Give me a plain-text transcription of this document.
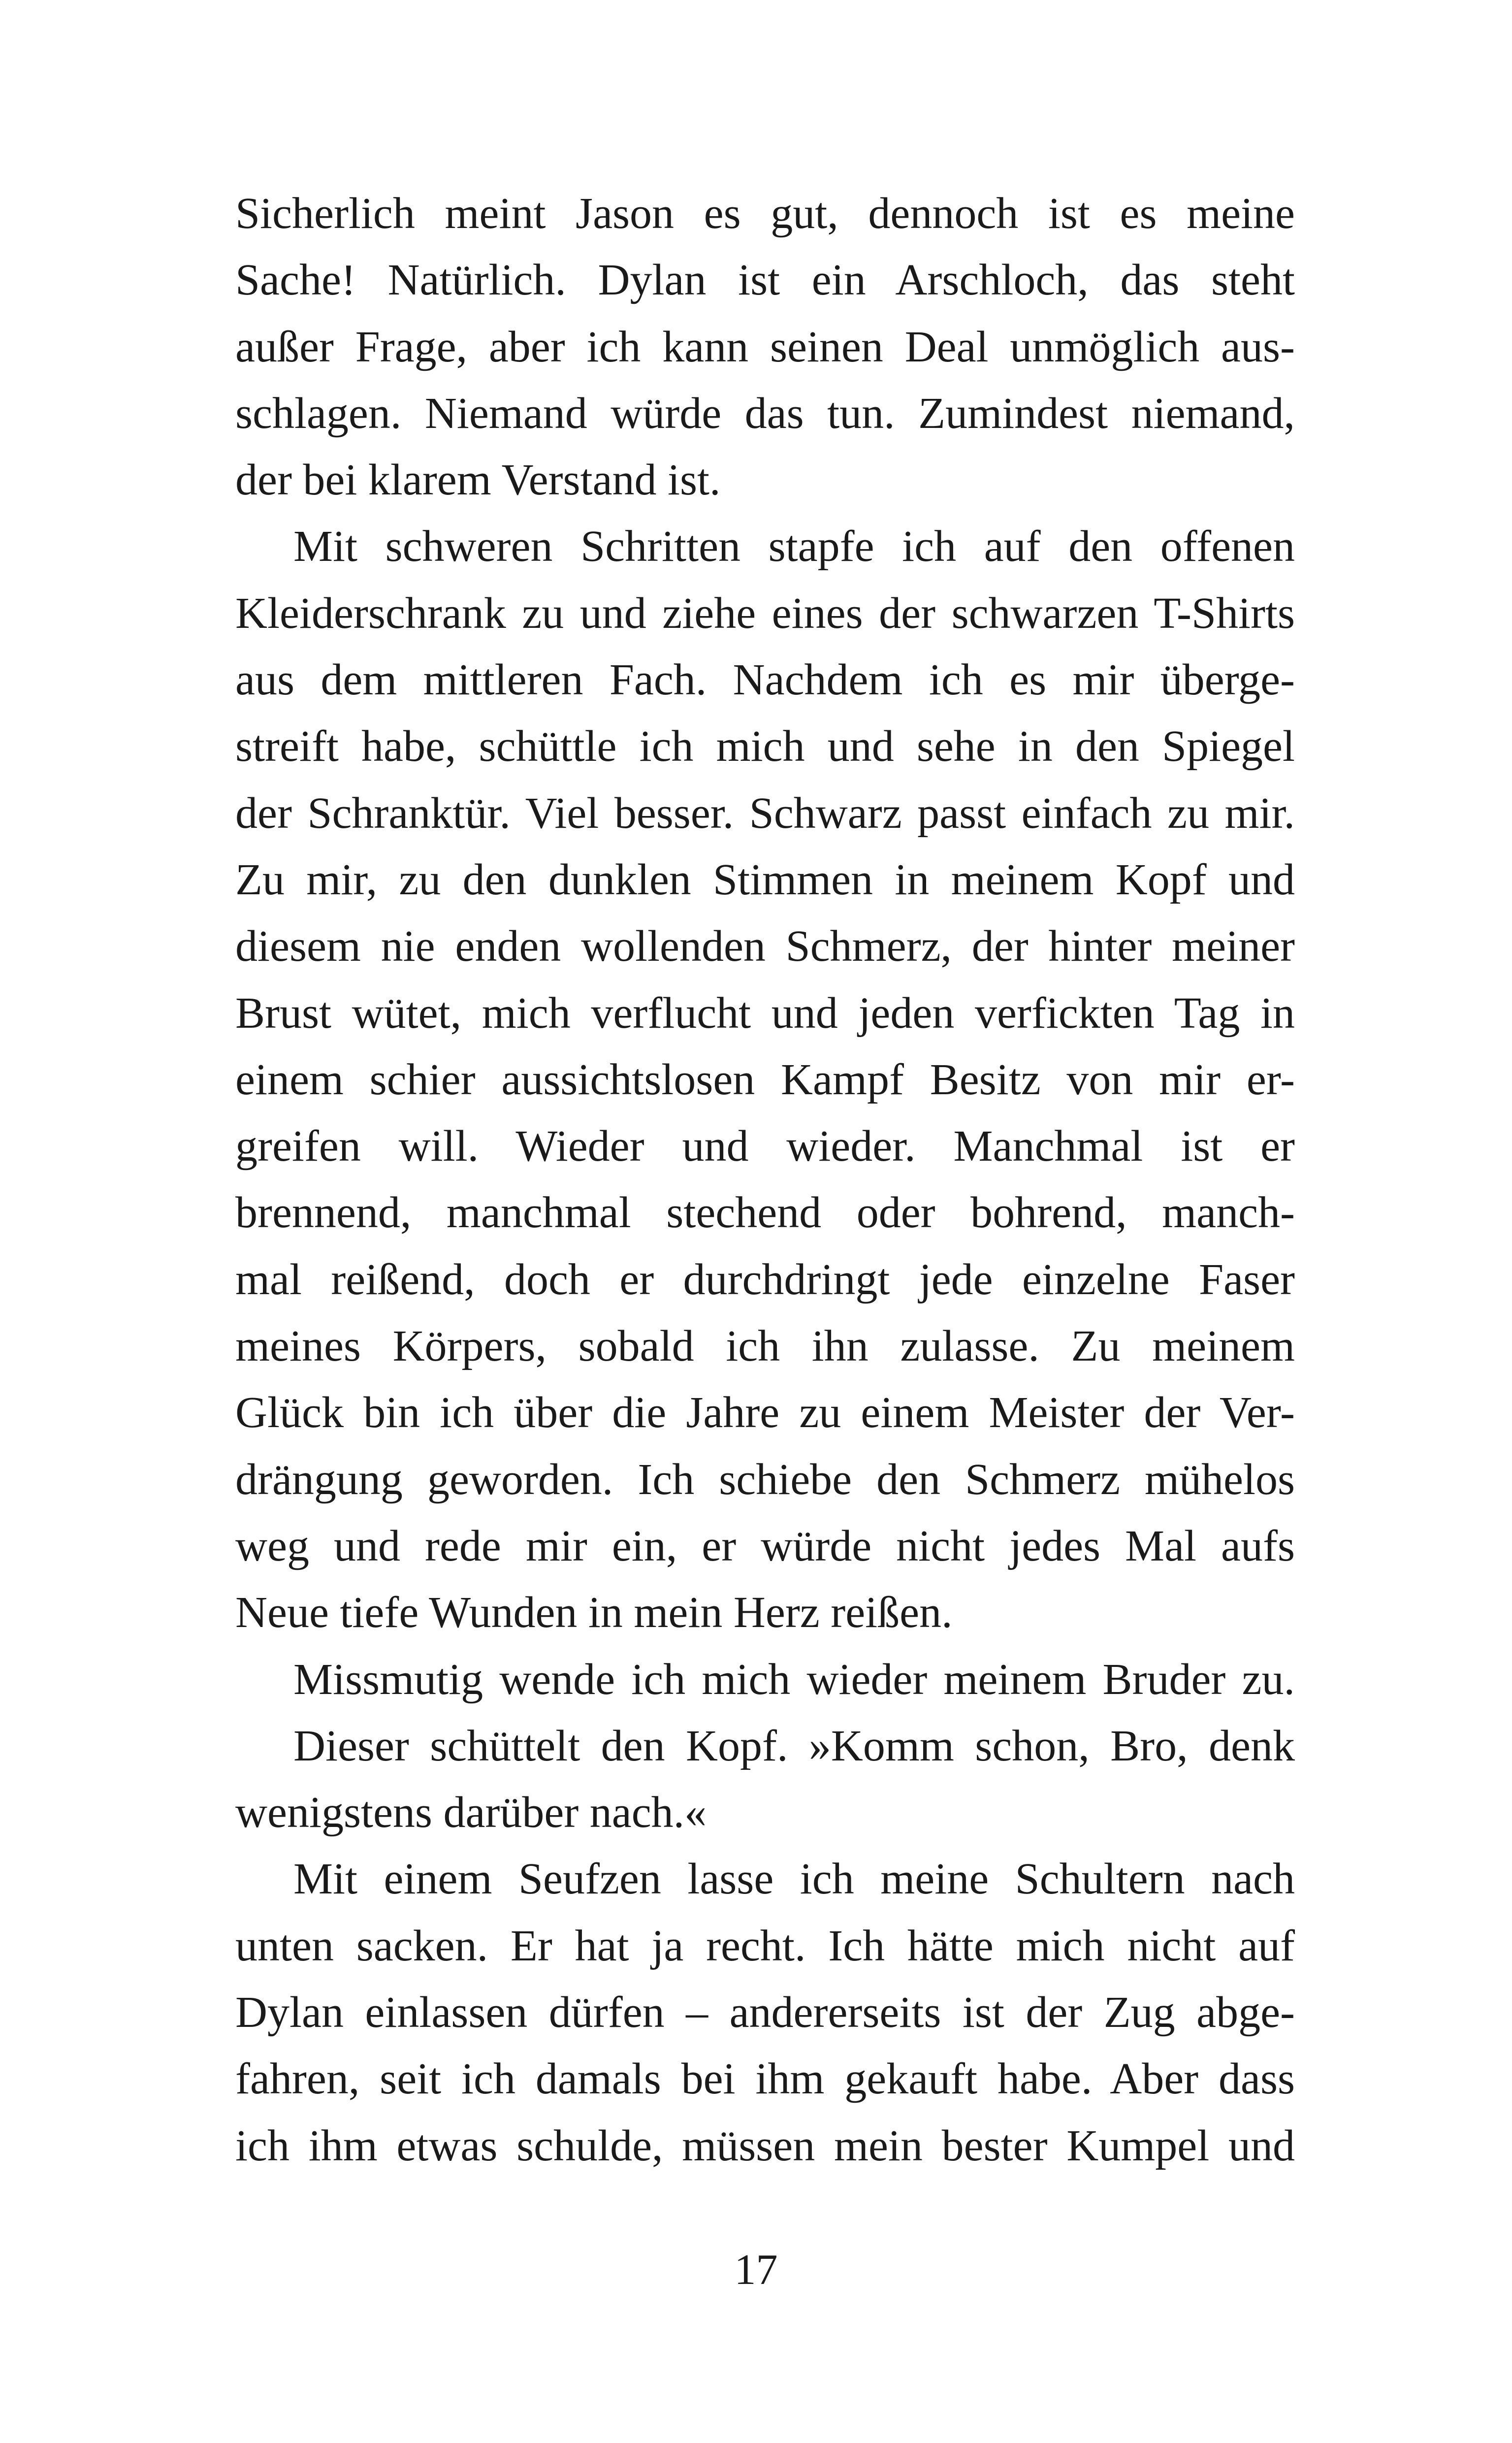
Sicherlich meint Jason es gut, dennoch ist es meine
Sache! Natürlich. Dylan ist ein Arschloch, das steht
außer Frage, aber ich kann seinen Deal unmöglich aus-
schlagen. Niemand würde das tun. Zumindest niemand,
der bei klarem Verstand ist.
Mit schweren Schritten stapfe ich auf den offenen
Kleiderschrank zu und ziehe eines der schwarzen T-Shirts
aus dem mittleren Fach. Nachdem ich es mir überge-
streift habe, schüttle ich mich und sehe in den Spiegel
der Schranktür. Viel besser. Schwarz passt einfach zu mir.
Zu mir, zu den dunklen Stimmen in meinem Kopf und
diesem nie enden wollenden Schmerz, der hinter meiner
Brust wütet, mich verflucht und jeden verfickten Tag in
einem schier aussichtslosen Kampf Besitz von mir er-
greifen will. Wieder und wieder. Manchmal ist er
brennend, manchmal stechend oder bohrend, manch-
mal reißend, doch er durchdringt jede einzelne Faser
meines Körpers, sobald ich ihn zulasse. Zu meinem
Glück bin ich über die Jahre zu einem Meister der Ver-
drängung geworden. Ich schiebe den Schmerz mühelos
weg und rede mir ein, er würde nicht jedes Mal aufs
Neue tiefe Wunden in mein Herz reißen.
Missmutig wende ich mich wieder meinem Bruder zu.
Dieser schüttelt den Kopf. »Komm schon, Bro, denk
wenigstens darüber nach.«
Mit einem Seufzen lasse ich meine Schultern nach
unten sacken. Er hat ja recht. Ich hätte mich nicht auf
Dylan einlassen dürfen – andererseits ist der Zug abge-
fahren, seit ich damals bei ihm gekauft habe. Aber dass
ich ihm etwas schulde, müssen mein bester Kumpel und
17
